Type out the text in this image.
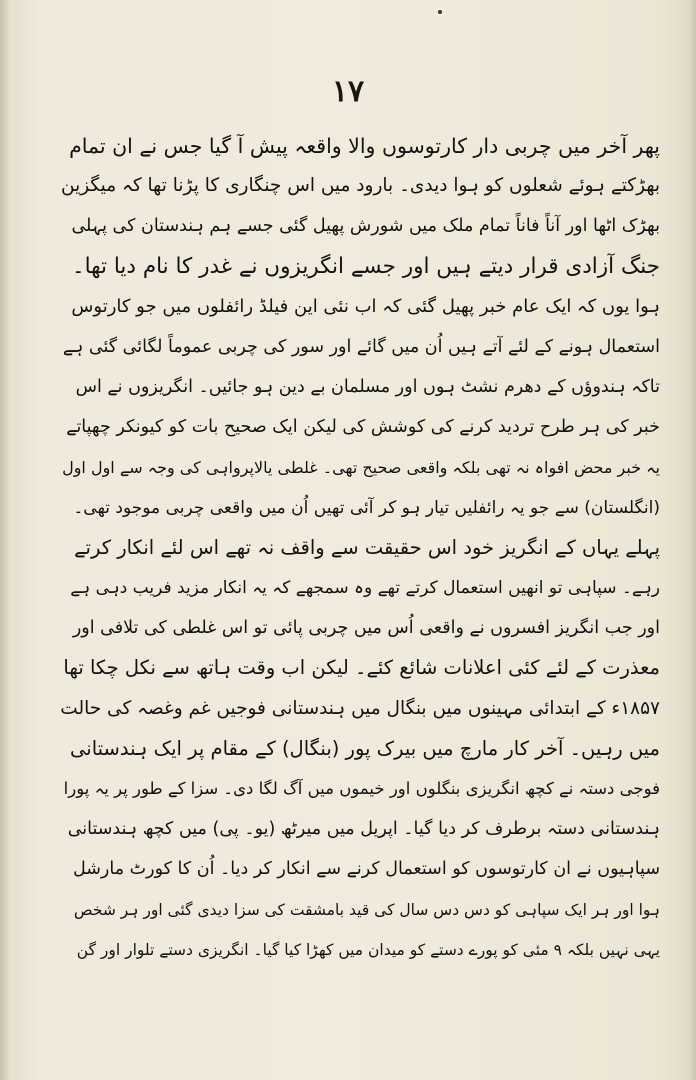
۱۷
پھر آخر میں چربی دار کارتوسوں والا واقعہ پیش آ گیا جس نے ان تمام
بھڑکتے ہوئے شعلوں کو ہوا دیدی۔ بارود میں اس چنگاری کا پڑنا تھا کہ میگزین
بھڑک اٹھا اور آناً فاناً تمام ملک میں شورش پھیل گئی جسے ہم ہندستان کی پہلی
جنگ آزادی قرار دیتے ہیں اور جسے انگریزوں نے غدر کا نام دیا تھا۔
ہوا یوں کہ ایک عام خبر پھیل گئی کہ اب نئی این فیلڈ رائفلوں میں جو کارتوس
استعمال ہونے کے لئے آتے ہیں اُن میں گائے اور سور کی چربی عموماً لگائی گئی ہے
تاکہ ہندوؤں کے دھرم نشٹ ہوں اور مسلمان بے دین ہو جائیں۔ انگریزوں نے اس
خبر کی ہر طرح تردید کرنے کی کوشش کی لیکن ایک صحیح بات کو کیونکر چھپاتے
یہ خبر محض افواہ نہ تھی بلکہ واقعی صحیح تھی۔ غلطی یالاپرواہی کی وجہ سے اول اول
(انگلستان) سے جو یہ رائفلیں تیار ہو کر آئی تھیں اُن میں واقعی چربی موجود تھی۔
پہلے یہاں کے انگریز خود اس حقیقت سے واقف نہ تھے اس لئے انکار کرتے
رہے۔ سپاہی تو انھیں استعمال کرتے تھے وہ سمجھے کہ یہ انکار مزید فریب دہی ہے
اور جب انگریز افسروں نے واقعی اُس میں چربی پائی تو اس غلطی کی تلافی اور
معذرت کے لئے کئی اعلانات شائع کئے۔ لیکن اب وقت ہاتھ سے نکل چکا تھا
۱۸۵۷ء کے ابتدائی مہینوں میں بنگال میں ہندستانی فوجیں غم وغصہ کی حالت
میں رہیں۔ آخر کار مارچ میں بیرک پور (بنگال) کے مقام پر ایک ہندستانی
فوجی دستہ نے کچھ انگریزی بنگلوں اور خیموں میں آگ لگا دی۔ سزا کے طور پر یہ پورا
ہندستانی دستہ برطرف کر دیا گیا۔ اپریل میں میرٹھ (یو۔ پی) میں کچھ ہندستانی
سپاہیوں نے ان کارتوسوں کو استعمال کرنے سے انکار کر دیا۔ اُن کا کورٹ مارشل
ہوا اور ہر ایک سپاہی کو دس دس سال کی قید بامشقت کی سزا دیدی گئی اور ہر شخص
یہی نہیں بلکہ ۹ مئی کو پورے دستے کو میدان میں کھڑا کیا گیا۔ انگریزی دستے تلوار اور گن
